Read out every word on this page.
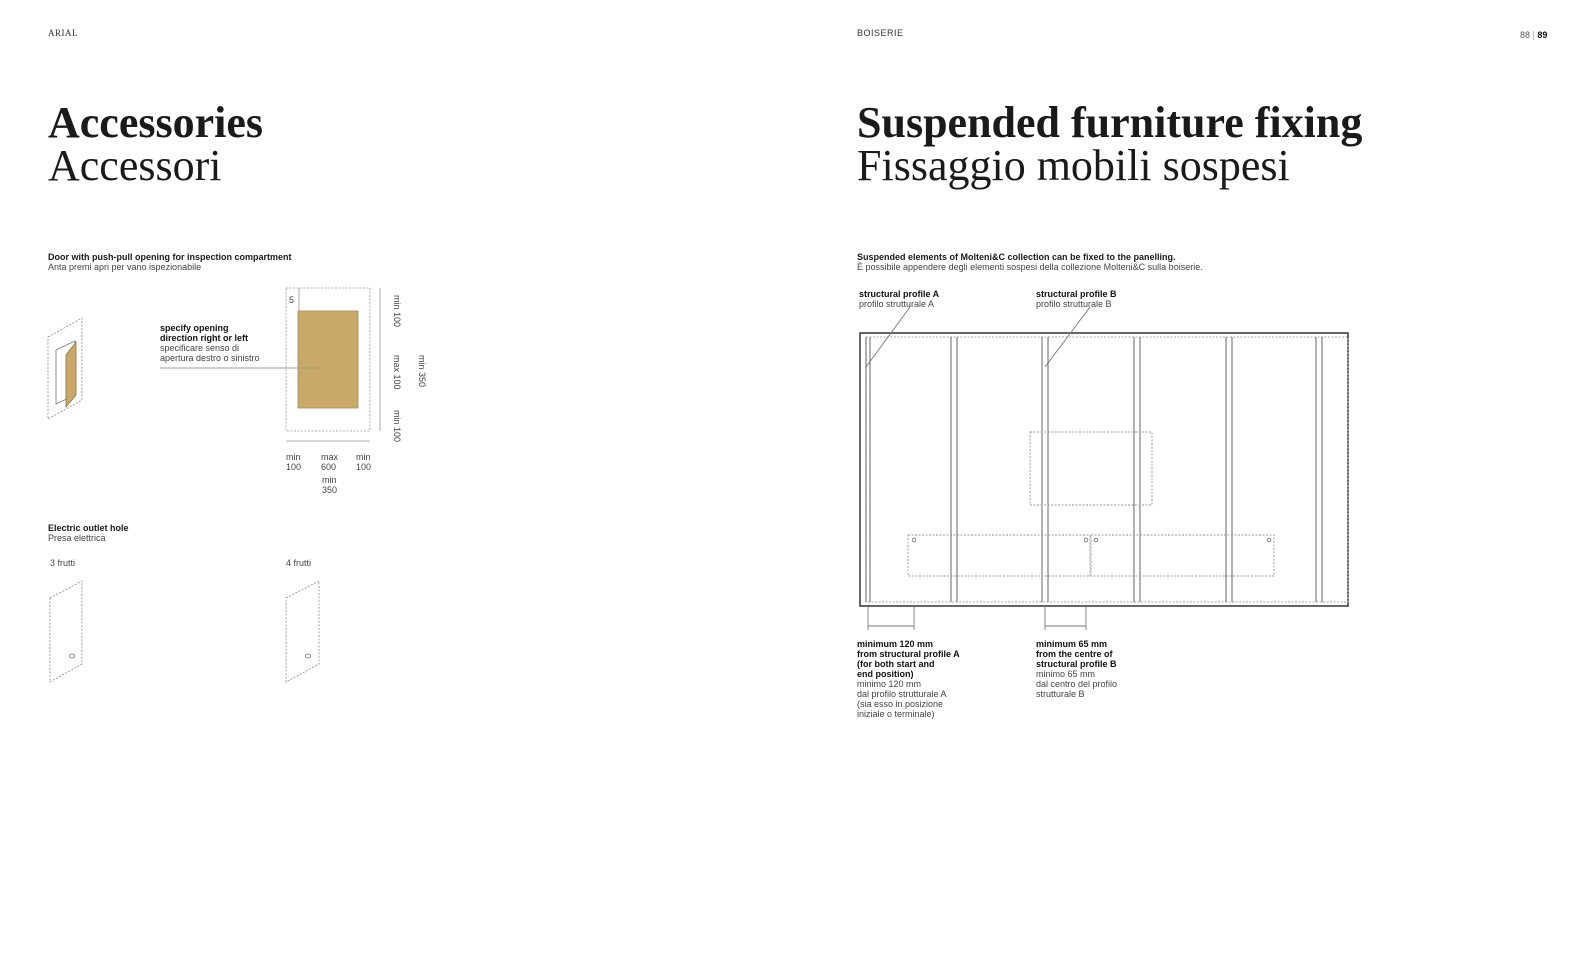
ARIAL	BOISERIE	88 | 89
Accessories
Accessori
Suspended furniture fixing
Fissaggio mobili sospesi
Door with push-pull opening for inspection compartment
Anta premi apri per vano ispezionabile
specify opening
direction right or left
specificare senso di
apertura destro o sinistro
5	min 100
max 100 min 350
min 100
min
100
max
600
min
350
min
100
Electric outlet hole
Presa elettrica
3 frutti	4 frutti
Suspended elements of Molteni&C collection can be fixed to the panelling.
È possibile appendere degli elementi sospesi della collezione Molteni&C sulla boiserie.
structural profile A
profilo strutturale A
structural profile B
profilo strutturale B
minimum 120 mm
from structural profile A
(for both start and
end position)
minimo 120 mm
dal profilo strutturale A
(sia esso in posizione
iniziale o terminale)
minimum 65 mm
from the centre of
structural profile B
minimo 65 mm
dal centro del profilo
strutturale B
